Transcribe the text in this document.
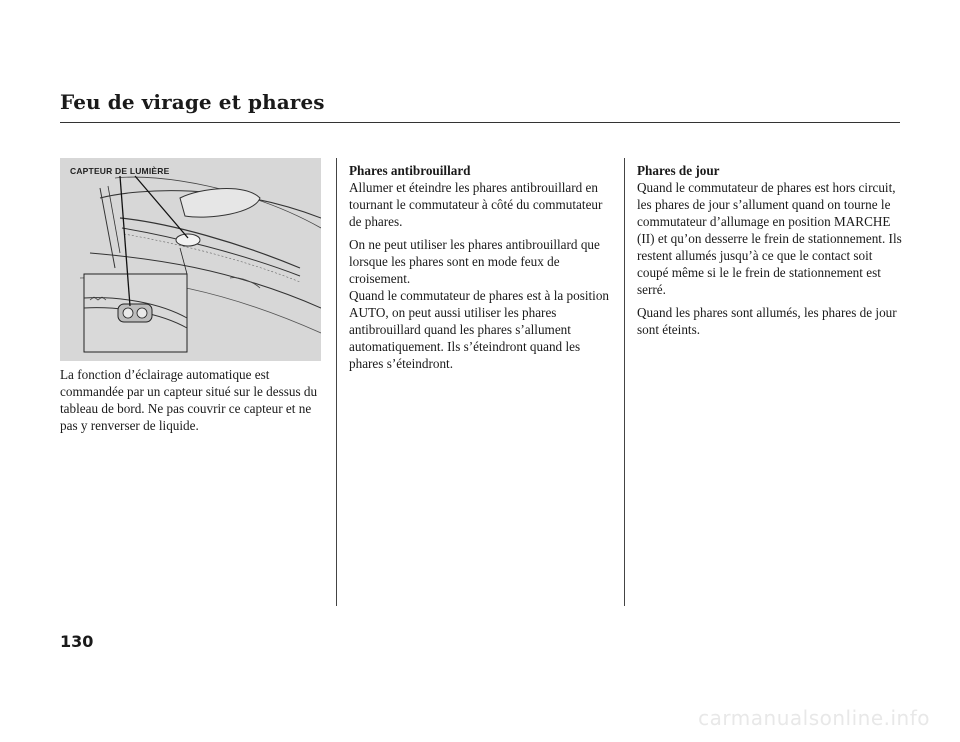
Feu de virage et phares
CAPTEUR DE LUMIÈRE

La fonction d’éclairage automatique est commandée par un capteur situé sur le dessus du tableau de bord. Ne pas couvrir ce capteur et ne pas y renverser de liquide.

Phares antibrouillard

Allumer et éteindre les phares antibrouillard en tournant le commutateur à côté du commutateur de phares.

On ne peut utiliser les phares antibrouillard que lorsque les phares sont en mode feux de croisement.

Quand le commutateur de phares est à la position AUTO, on peut aussi utiliser les phares antibrouillard quand les phares s’allument automatiquement. Ils s’éteindront quand les phares s’éteindront.

Phares de jour

Quand le commutateur de phares est hors circuit, les phares de jour s’allument quand on tourne le commutateur d’allumage en position MARCHE (II) et qu’on desserre le frein de stationnement. Ils restent allumés jusqu’à ce que le contact soit coupé même si le le frein de stationnement est serré.

Quand les phares sont allumés, les phares de jour sont éteints.

130
carmanualsonline.info
